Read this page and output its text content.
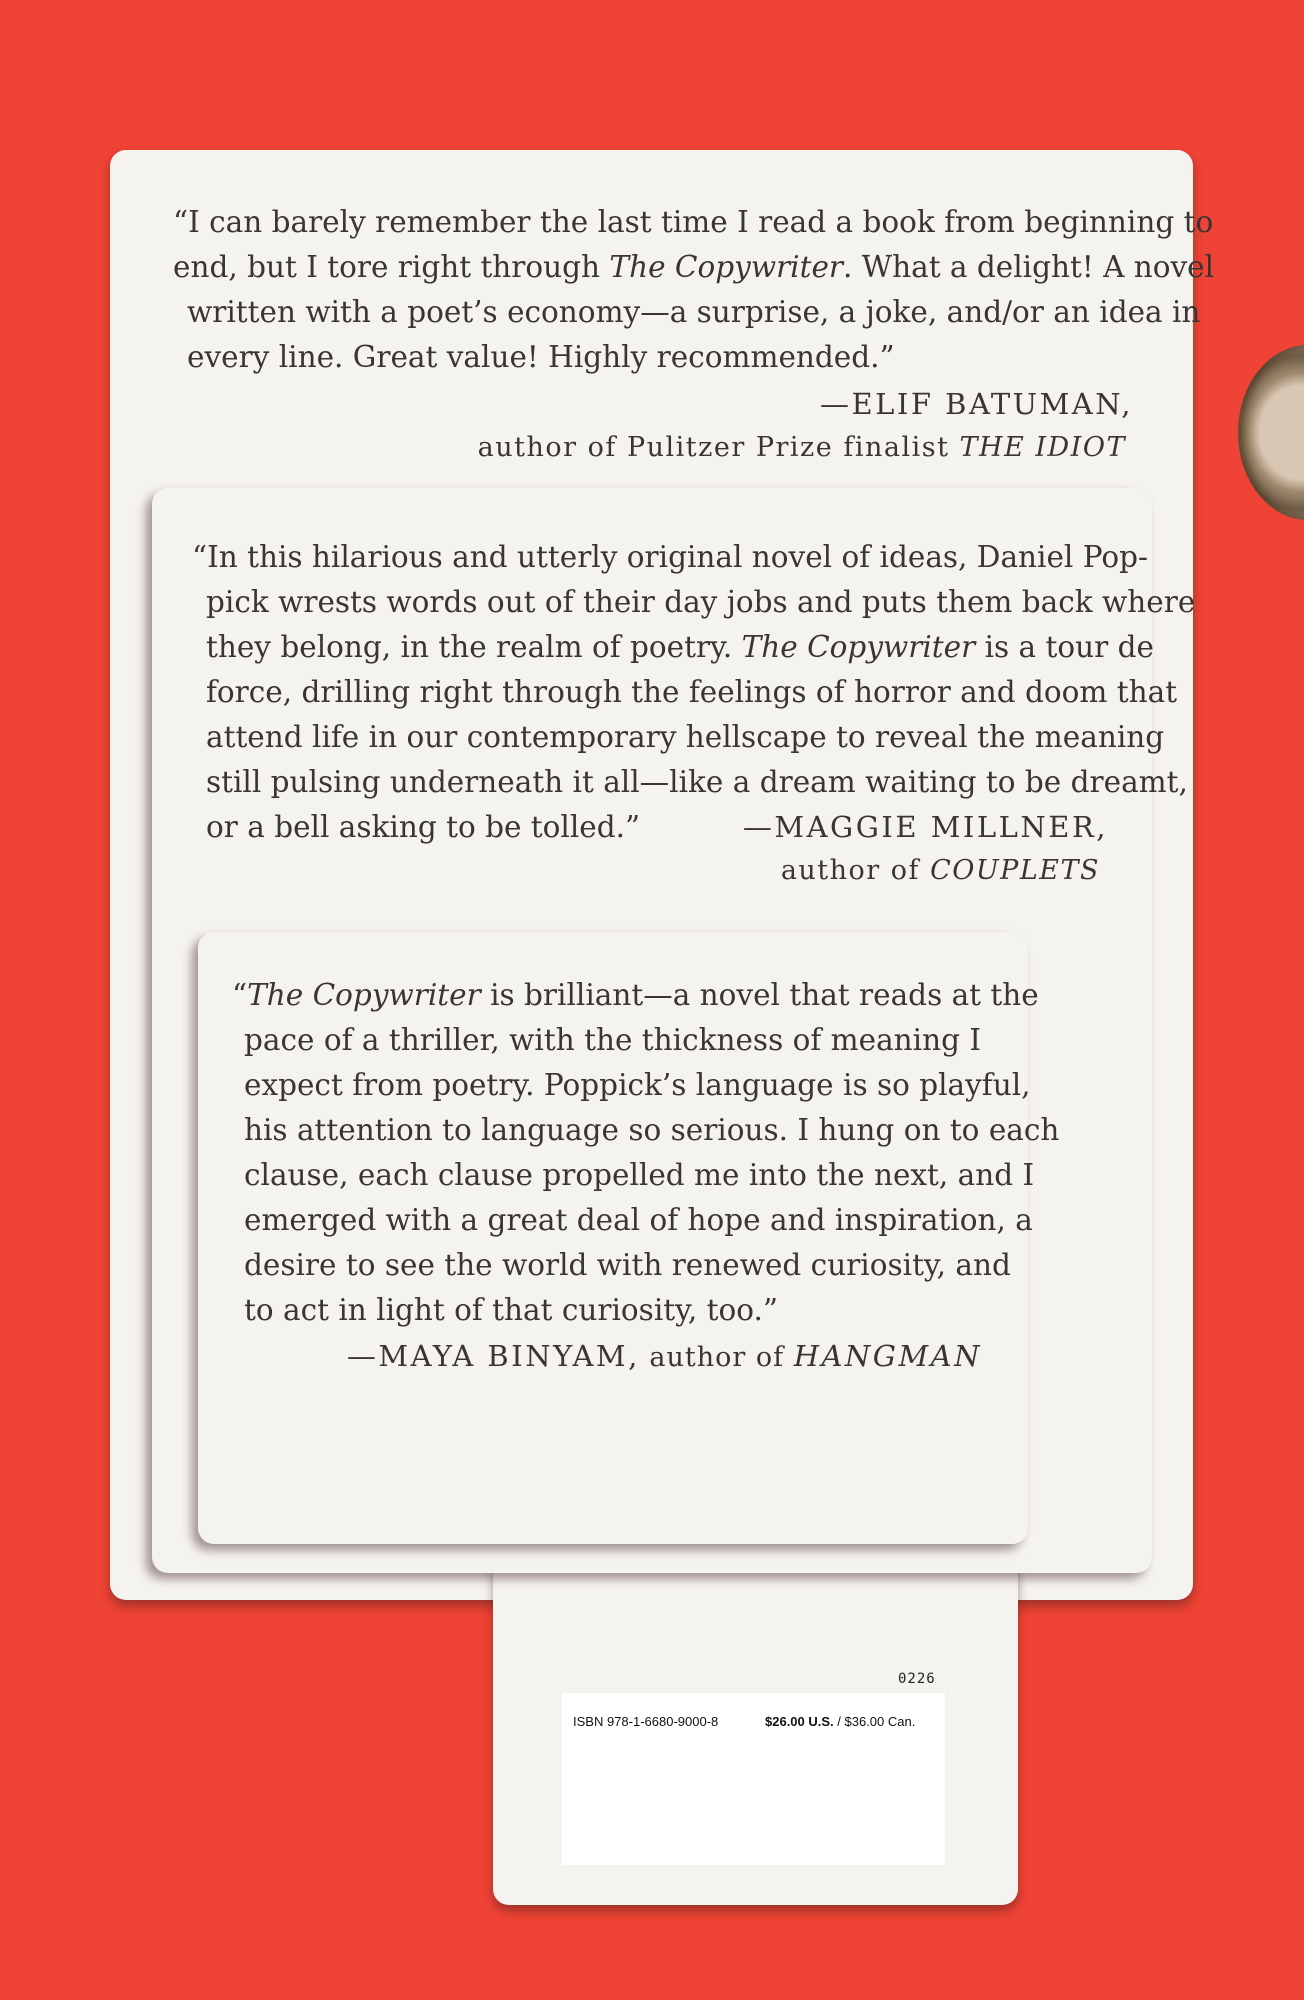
“I can barely remember the last time I read a book from beginning to
end, but I tore right through The Copywriter. What a delight! A novel
written with a poet’s economy—a surprise, a joke, and/or an idea in
every line. Great value! Highly recommended.”

—ELIF BATUMAN,
author of Pulitzer Prize finalist THE IDIOT

“In this hilarious and utterly original novel of ideas, Daniel Pop-
pick wrests words out of their day jobs and puts them back where
they belong, in the realm of poetry. The Copywriter is a tour de
force, drilling right through the feelings of horror and doom that
attend life in our contemporary hellscape to reveal the meaning
still pulsing underneath it all—like a dream waiting to be dreamt,
or a bell asking to be tolled.”	—MAGGIE MILLNER,
author of COUPLETS

“The Copywriter is brilliant—a novel that reads at the
pace of a thriller, with the thickness of meaning I
expect from poetry. Poppick’s language is so playful,
his attention to language so serious. I hung on to each
clause, each clause propelled me into the next, and I
emerged with a great deal of hope and inspiration, a
desire to see the world with renewed curiosity, and
to act in light of that curiosity, too.”

—MAYA BINYAM, author of HANGMAN
0226
ISBN 978-1-6680-9000-8	$26.00 U.S. / $36.00 Can.
